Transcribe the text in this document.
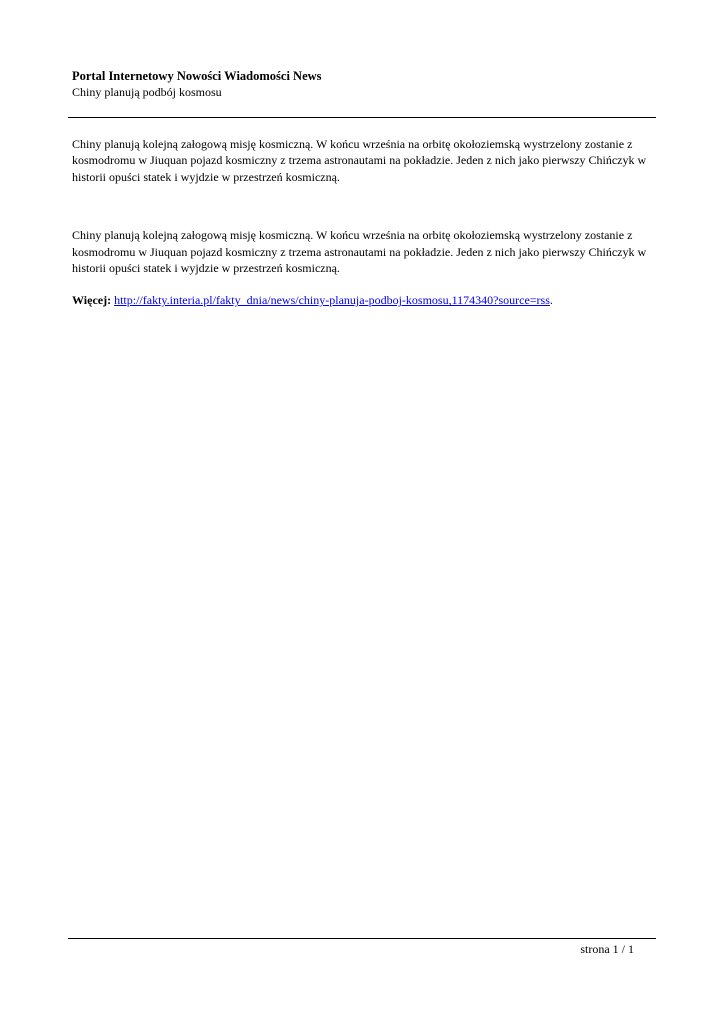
Portal Internetowy Nowości Wiadomości News

Chiny planują podbój kosmosu

Chiny planują kolejną załogową misję kosmiczną. W końcu września na orbitę okołoziemską wystrzelony zostanie z kosmodromu w Jiuquan pojazd kosmiczny z trzema astronautami na pokładzie. Jeden z nich jako pierwszy Chińczyk w historii opuści statek i wyjdzie w przestrzeń kosmiczną.

Chiny planują kolejną załogową misję kosmiczną. W końcu września na orbitę okołoziemską wystrzelony zostanie z kosmodromu w Jiuquan pojazd kosmiczny z trzema astronautami na pokładzie. Jeden z nich jako pierwszy Chińczyk w historii opuści statek i wyjdzie w przestrzeń kosmiczną.

Więcej: http://fakty.interia.pl/fakty_dnia/news/chiny-planuja-podboj-kosmosu,1174340?source=rss.

strona 1 / 1
